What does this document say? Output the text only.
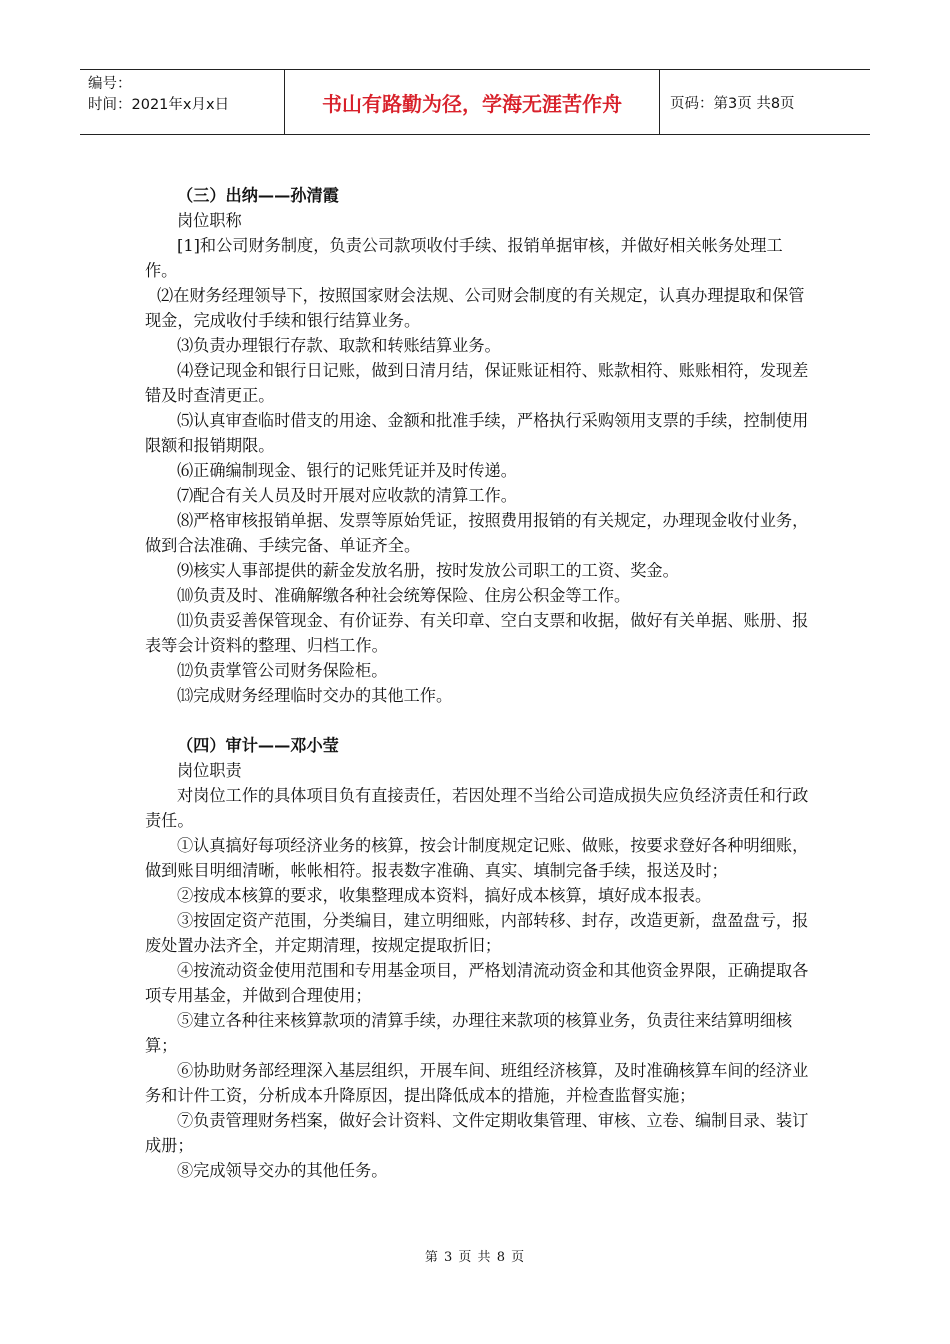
编号：
时间：2021年x月x日	书山有路勤为径，学海无涯苦作舟	页码：第3页 共8页

（三）出纳——孙清霞

岗位职称

[1]和公司财务制度，负责公司款项收付手续、报销单据审核，并做好相关帐务处理工作。

⑵在财务经理领导下，按照国家财会法规、公司财会制度的有关规定，认真办理提取和保管现金，完成收付手续和银行结算业务。

⑶负责办理银行存款、取款和转账结算业务。

⑷登记现金和银行日记账，做到日清月结，保证账证相符、账款相符、账账相符，发现差错及时查清更正。

⑸认真审查临时借支的用途、金额和批准手续，严格执行采购领用支票的手续，控制使用限额和报销期限。

⑹正确编制现金、银行的记账凭证并及时传递。

⑺配合有关人员及时开展对应收款的清算工作。

⑻严格审核报销单据、发票等原始凭证，按照费用报销的有关规定，办理现金收付业务，做到合法准确、手续完备、单证齐全。

⑼核实人事部提供的薪金发放名册，按时发放公司职工的工资、奖金。

⑽负责及时、准确解缴各种社会统筹保险、住房公积金等工作。

⑾负责妥善保管现金、有价证券、有关印章、空白支票和收据，做好有关单据、账册、报表等会计资料的整理、归档工作。

⑿负责掌管公司财务保险柜。

⒀完成财务经理临时交办的其他工作。

（四）审计——邓小莹

岗位职责

对岗位工作的具体项目负有直接责任，若因处理不当给公司造成损失应负经济责任和行政责任。

①认真搞好每项经济业务的核算，按会计制度规定记账、做账，按要求登好各种明细账，做到账目明细清晰，帐帐相符。报表数字准确、真实、填制完备手续，报送及时；

②按成本核算的要求，收集整理成本资料，搞好成本核算，填好成本报表。

③按固定资产范围，分类编目，建立明细账，内部转移、封存，改造更新，盘盈盘亏，报废处置办法齐全，并定期清理，按规定提取折旧；

④按流动资金使用范围和专用基金项目，严格划清流动资金和其他资金界限，正确提取各项专用基金，并做到合理使用；

⑤建立各种往来核算款项的清算手续，办理往来款项的核算业务，负责往来结算明细核算；

⑥协助财务部经理深入基层组织，开展车间、班组经济核算，及时准确核算车间的经济业务和计件工资，分析成本升降原因，提出降低成本的措施，并检查监督实施；

⑦负责管理财务档案，做好会计资料、文件定期收集管理、审核、立卷、编制目录、装订成册；

⑧完成领导交办的其他任务。

第 3 页 共 8 页
